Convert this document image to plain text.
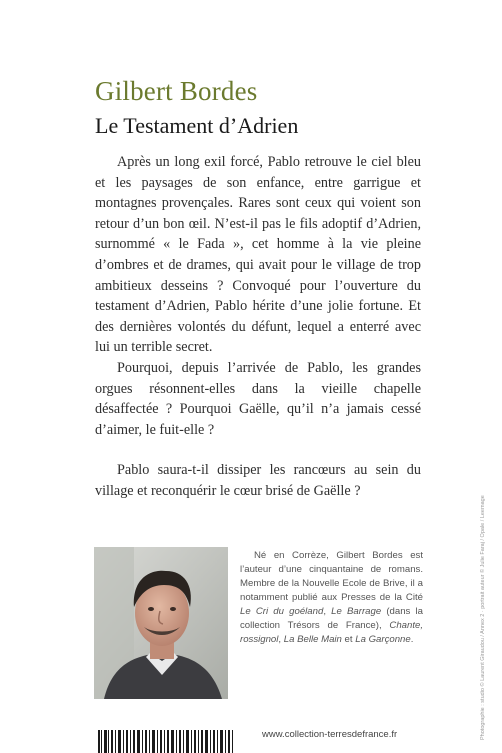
Gilbert Bordes
Le Testament d’Adrien

Après un long exil forcé, Pablo retrouve le ciel bleu et les paysages de son enfance, entre garrigue et montagnes provençales. Rares sont ceux qui voient son retour d’un bon œil. N’est-il pas le fils adoptif d’Adrien, surnommé « le Fada », cet homme à la vie pleine d’ombres et de drames, qui avait pour le village de trop ambitieux desseins ? Convoqué pour l’ouverture du testament d’Adrien, Pablo hérite d’une jolie fortune. Et des dernières volontés du défunt, lequel a enterré avec lui un terrible secret.

Pourquoi, depuis l’arrivée de Pablo, les grandes orgues résonnent-elles dans la vieille chapelle désaffectée ? Pourquoi Gaëlle, qu’il n’a jamais cessé d’aimer, le fuit-elle ?

Pablo saura-t-il dissiper les rancœurs au sein du village et reconquérir le cœur brisé de Gaëlle ?

Né en Corrèze, Gilbert Bordes est l’auteur d’une cinquantaine de romans. Membre de la Nouvelle Ecole de Brive, il a notamment publié aux Presses de la Cité Le Cri du goéland, Le Barrage (dans la collection Trésors de France), Chante, rossignol, La Belle Main et La Garçonne.
www.collection-terresdefrance.fr	Photographie : studio © Laurent Giraudou / Annex 2 · portrait auteur © Julie Faraj / Opale / Leemage
